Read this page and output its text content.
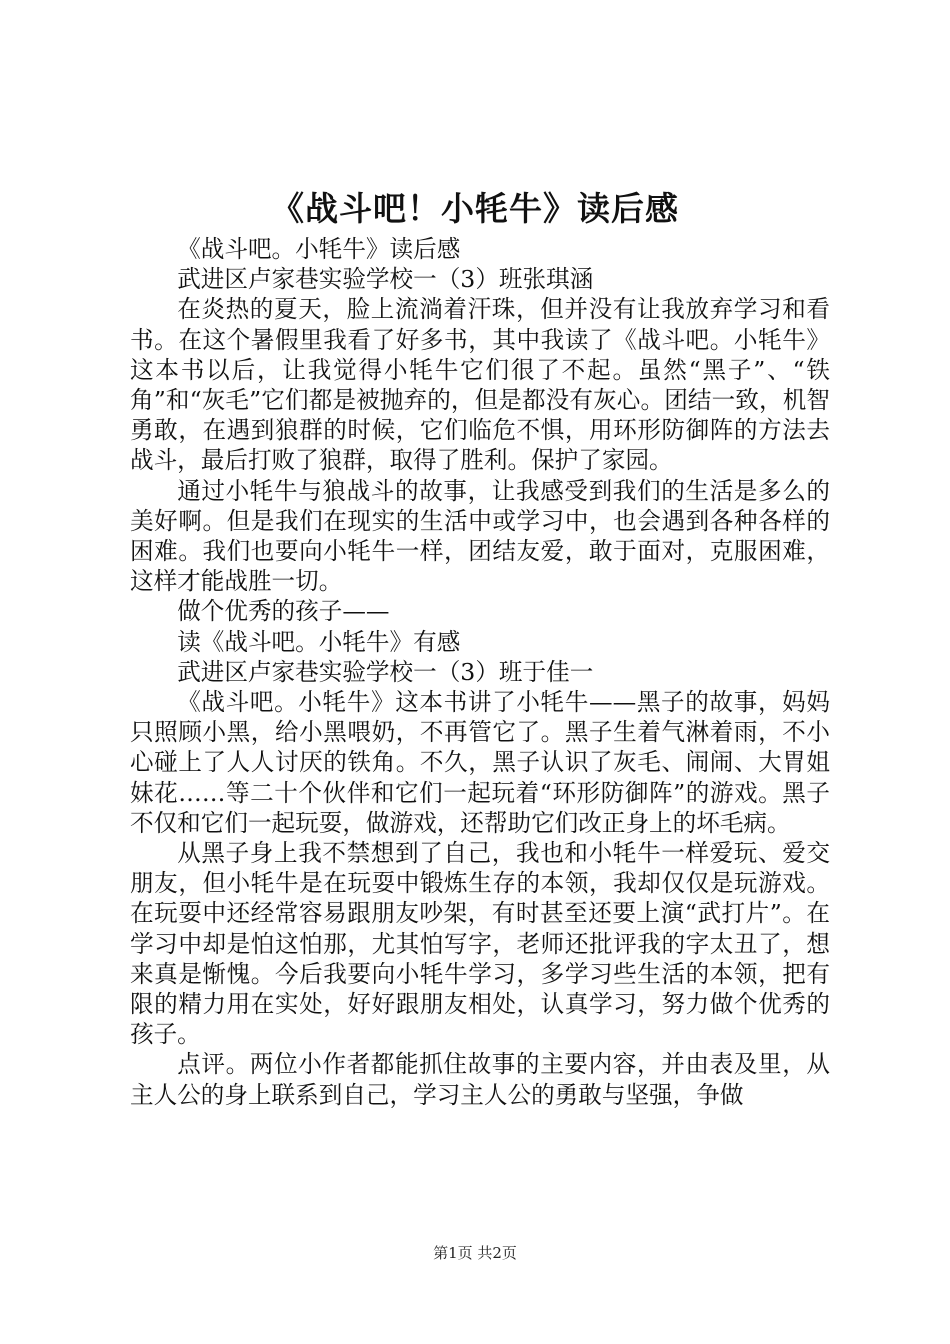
《战斗吧！小牦牛》读后感

《战斗吧。小牦牛》读后感

武进区卢家巷实验学校一（3）班张琪涵

在炎热的夏天，脸上流淌着汗珠，但并没有让我放弃学习和看书。在这个暑假里我看了好多书，其中我读了《战斗吧。小牦牛》这本书以后，让我觉得小牦牛它们很了不起。虽然“黑子”、“铁角”和“灰毛”它们都是被抛弃的，但是都没有灰心。团结一致，机智勇敢，在遇到狼群的时候，它们临危不惧，用环形防御阵的方法去战斗，最后打败了狼群，取得了胜利。保护了家园。

通过小牦牛与狼战斗的故事，让我感受到我们的生活是多么的美好啊。但是我们在现实的生活中或学习中，也会遇到各种各样的困难。我们也要向小牦牛一样，团结友爱，敢于面对，克服困难，这样才能战胜一切。

做个优秀的孩子——

读《战斗吧。小牦牛》有感

武进区卢家巷实验学校一（3）班于佳一

《战斗吧。小牦牛》这本书讲了小牦牛——黑子的故事，妈妈只照顾小黑，给小黑喂奶，不再管它了。黑子生着气淋着雨，不小心碰上了人人讨厌的铁角。不久，黑子认识了灰毛、闹闹、大胃姐妹花……等二十个伙伴和它们一起玩着“环形防御阵”的游戏。黑子不仅和它们一起玩耍，做游戏，还帮助它们改正身上的坏毛病。

从黑子身上我不禁想到了自己，我也和小牦牛一样爱玩、爱交朋友，但小牦牛是在玩耍中锻炼生存的本领，我却仅仅是玩游戏。在玩耍中还经常容易跟朋友吵架，有时甚至还要上演“武打片”。在学习中却是怕这怕那，尤其怕写字，老师还批评我的字太丑了，想来真是惭愧。今后我要向小牦牛学习，多学习些生活的本领，把有限的精力用在实处，好好跟朋友相处，认真学习，努力做个优秀的孩子。

点评。两位小作者都能抓住故事的主要内容，并由表及里，从主人公的身上联系到自己，学习主人公的勇敢与坚强，争做

第1页 共2页
